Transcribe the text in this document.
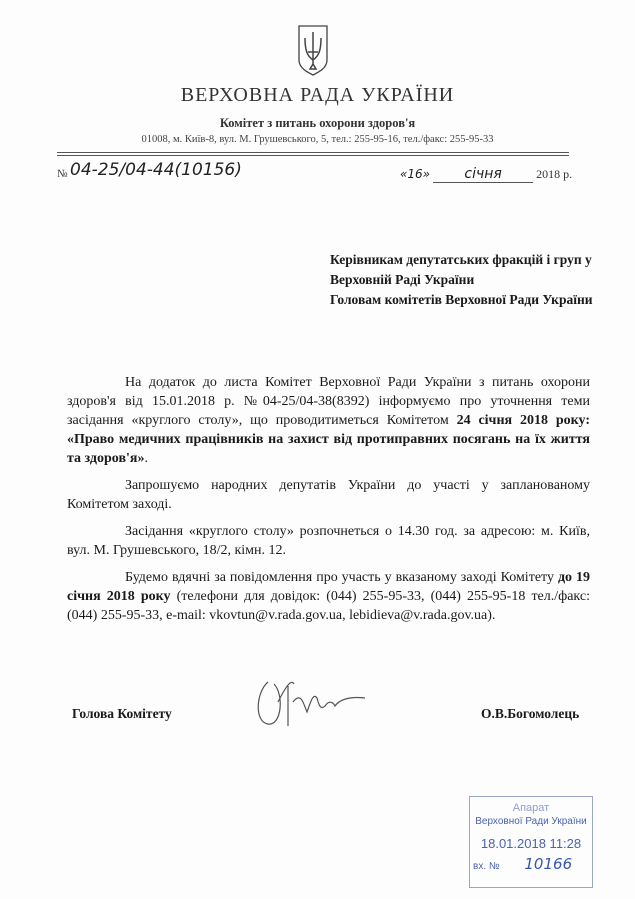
ВЕРХОВНА РАДА УКРАЇНИ
Комітет з питань охорони здоров'я
01008, м. Київ-8, вул. М. Грушевського, 5, тел.: 255-95-16, тел./факс: 255-95-33
№ 04-25/04-44(10156)	«16» січня	2018 р.
Керівникам депутатських фракцій і груп у Верховній Раді України
Головам комітетів Верховної Ради України

На додаток до листа Комітет Верховної Ради України з питань охорони здоров'я від 15.01.2018 р. №04-25/04-38(8392) інформуємо про уточнення теми засідання «круглого столу», що проводитиметься Комітетом 24 січня 2018 року: «Право медичних працівників на захист від протиправних посягань на їх життя та здоров'я».

Запрошуємо народних депутатів України до участі у запланованому Комітетом заході.

Засідання «круглого столу» розпочнеться о 14.30 год. за адресою: м. Київ, вул. М. Грушевського, 18/2, кімн. 12.

Будемо вдячні за повідомлення про участь у вказаному заході Комітету до 19 січня 2018 року (телефони для довідок: (044) 255-95-33, (044) 255-95-18 тел./факс: (044) 255-95-33, e-mail: vkovtun@v.rada.gov.ua, lebidieva@v.rada.gov.ua).

Голова Комітету	О.В.Богомолець
Апарат
Верховної Ради України
18.01.2018 11:28
вх. № 10166
